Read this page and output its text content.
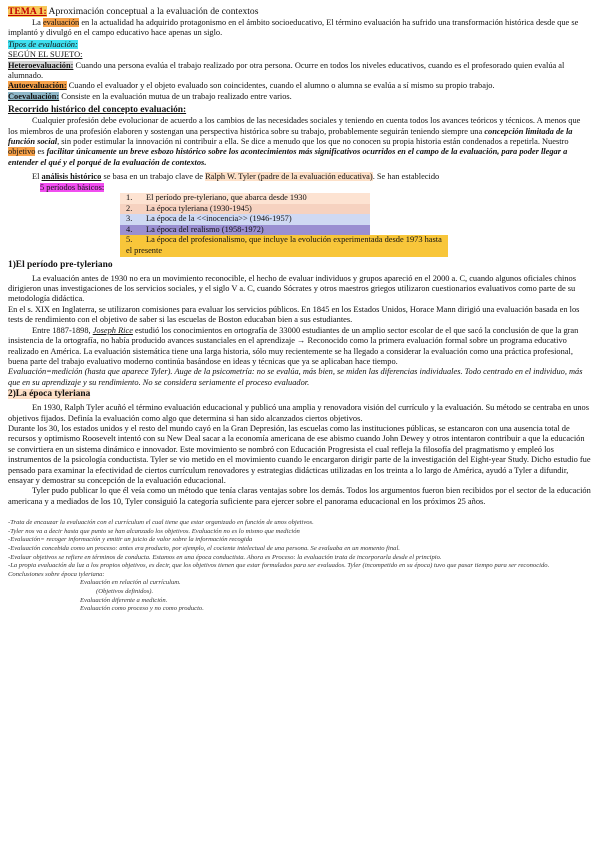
TEMA 1: Aproximación conceptual a la evaluación de contextos

La evaluación en la actualidad ha adquirido protagonismo en el ámbito socioeducativo, El término evaluación ha sufrido una transformación histórica desde que se implantó y divulgó en el campo educativo hace apenas un siglo.

Tipos de evaluación:

SEGÚN EL SUJETO:

Heteroevaluación: Cuando una persona evalúa el trabajo realizado por otra persona. Ocurre en todos los niveles educativos, cuando es el profesorado quien evalúa al alumnado.

Autoevaluación: Cuando el evaluador y el objeto evaluado son coincidentes, cuando el alumno o alumna se evalúa a sí mismo su propio trabajo.

Coevaluación: Consiste en la evaluación mutua de un trabajo realizado entre varios.

Recorrido histórico del concepto evaluación:

Cualquier profesión debe evolucionar de acuerdo a los cambios de las necesidades sociales y teniendo en cuenta todos los avances teóricos y técnicos. A menos que los miembros de una profesión elaboren y sostengan una perspectiva histórica sobre su trabajo, probablemente seguirán teniendo siempre una concepción limitada de la función social, sin poder estimular la innovación ni contribuir a ella. Se dice a menudo que los que no conocen su propia historia están condenados a repetirla. Nuestro objetivo es facilitar únicamente un breve esbozo histórico sobre los acontecimientos más significativos ocurridos en el campo de la evaluación, para poder llegar a entender el qué y el porqué de la evaluación de contextos.

El análisis histórico se basa en un trabajo clave de Ralph W. Tyler (padre de la evaluación educativa). Se han establecido

5 períodos básicos:

1. El período pre-tyleriano, que abarca desde 1930
2. La época tyleriana (1930-1945)
3. La época de la <<inocencia>> (1946-1957)
4. La época del realismo (1958-1972)
5. La época del profesionalismo, que incluye la evolución experimentada desde 1973 hasta el presente

1)El período pre-tyleriano

La evaluación antes de 1930 no era un movimiento reconocible, el hecho de evaluar individuos y grupos apareció en el 2000 a. C, cuando algunos oficiales chinos dirigieron unas investigaciones de los servicios sociales, y el siglo V a. C, cuando Sócrates y otros maestros griegos utilizaron cuestionarios evaluativos como parte de su metodología didáctica.

En el s. XIX en Inglaterra, se utilizaron comisiones para evaluar los servicios públicos. En 1845 en los Estados Unidos, Horace Mann dirigió una evaluación basada en los tests de rendimiento con el objetivo de saber si las escuelas de Boston educaban bien a sus estudiantes.

Entre 1887-1898, Joseph Rice estudió los conocimientos en ortografía de 33000 estudiantes de un amplio sector escolar de el que sacó la conclusión de que la gran insistencia de la ortografía, no había producido avances sustanciales en el aprendizaje → Reconocido como la primera evaluación formal sobre un programa educativo realizado en América. La evaluación sistemática tiene una larga historia, sólo muy recientemente se ha llegado a considerar la evaluación como una práctica profesional, buena parte del trabajo evaluativo moderno continúa basándose en ideas y técnicas que ya se aplicaban hace tiempo.

Evaluación=medición (hasta que aparece Tyler). Auge de la psicometría: no se evalúa, más bien, se miden las diferencias individuales. Todo centrado en el individuo, más que en su aprendizaje y su rendimiento. No se considera seriamente el proceso evaluador.

2)La época tyleriana

En 1930, Ralph Tyler acuñó el término evaluación educacional y publicó una amplia y renovadora visión del currículo y la evaluación. Su método se centraba en unos objetivos fijados. Definía la evaluación como algo que determina si han sido alcanzados ciertos objetivos.

Durante los 30, los estados unidos y el resto del mundo cayó en la Gran Depresión, las escuelas como las instituciones públicas, se estancaron con una ausencia total de recursos y optimismo Roosevelt intentó con su New Deal sacar a la economía americana de ese abismo cuando John Dewey y otros intentaron contribuir a que la educación se convirtiera en un sistema dinámico e innovador. Este movimiento se nombró con Educación Progresista el cual refleja la filosofía del pragmatismo y empleó los instrumentos de la psicología conductista. Tyler se vio metido en el movimiento cuando le encargaron dirigir parte de la investigación del Eight-year Study. Dicho estudio fue pensado para examinar la efectividad de ciertos currículum renovadores y estrategias didácticas utilizadas en los treinta a lo largo de América, ayudó a Tyler a difundir, ensayar y demostrar su concepción de la evaluación educacional.

Tyler pudo publicar lo que él veía como un método que tenía claras ventajas sobre los demás. Todos los argumentos fueron bien recibidos por el sector de la educación americana y a mediados de los 10, Tyler consiguió la categoría suficiente para ejercer sobre el panorama educacional en los próximos 25 años.

-Trata de encauzar la evaluación con el currículum el cual tiene que estar organizado en función de unos objetivos.
-Tyler nos va a decir hasta que punto se han alcanzado los objetivos. Evaluación no es lo mismo que medición
-Evaluación= recoger información y emitir un juicio de valor sobre la información recogida
-Evaluación concebida como un proceso: antes era producto, por ejemplo, el cociente intelectual de una persona. Se evaluaba en un momento final.
-Evaluar objetivos se refiere en términos de conducta. Estamos en una época conductista. Ahora es Proceso: la evaluación trata de incorporarla desde el principio.
-La propia evaluación da luz a los propios objetivos, es decir, que los objetivos tienen que estar formulados para ser evaluados. Tyler (incompetido en su época) tuvo que pasar tiempo para ser reconocido.
Conclusiones sobre época tyleriana:
Evaluación en relación al currículum.
(Objetivos definidos).
Evaluación diferente a medición.
Evaluación como proceso y no como producto.
